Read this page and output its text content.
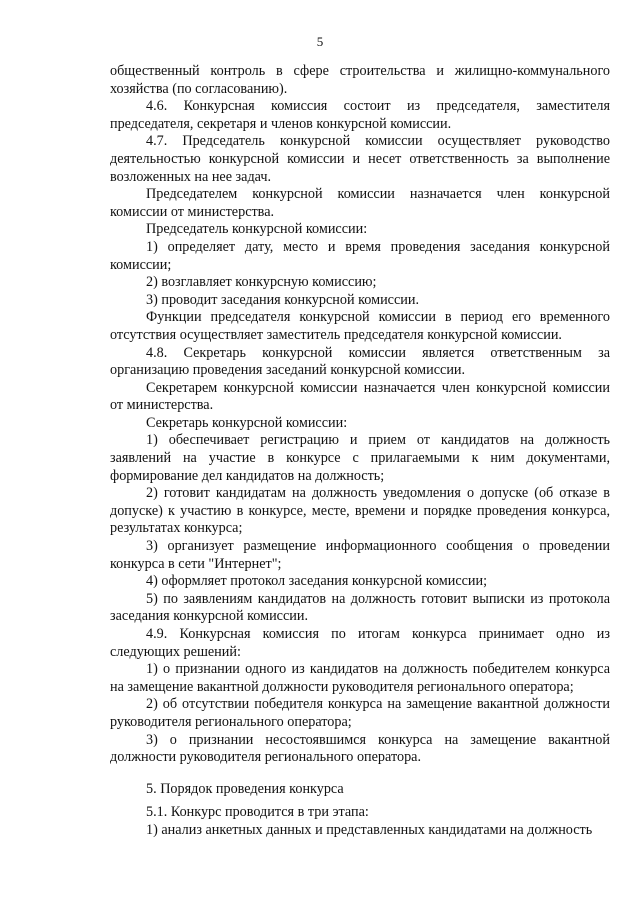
5

общественный контроль в сфере строительства и жилищно-коммунального хозяйства (по согласованию).

4.6. Конкурсная комиссия состоит из председателя, заместителя председателя, секретаря и членов конкурсной комиссии.

4.7. Председатель конкурсной комиссии осуществляет руководство деятельностью конкурсной комиссии и несет ответственность за выполнение возложенных на нее задач.

Председателем конкурсной комиссии назначается член конкурсной комиссии от министерства.

Председатель конкурсной комиссии:

1) определяет дату, место и время проведения заседания конкурсной комиссии;

2) возглавляет конкурсную комиссию;

3) проводит заседания конкурсной комиссии.

Функции председателя конкурсной комиссии в период его временного отсутствия осуществляет заместитель председателя конкурсной комиссии.

4.8. Секретарь конкурсной комиссии является ответственным за организацию проведения заседаний конкурсной комиссии.

Секретарем конкурсной комиссии назначается член конкурсной комиссии от министерства.

Секретарь конкурсной комиссии:

1) обеспечивает регистрацию и прием от кандидатов на должность заявлений на участие в конкурсе с прилагаемыми к ним документами, формирование дел кандидатов на должность;

2) готовит кандидатам на должность уведомления о допуске (об отказе в допуске) к участию в конкурсе, месте, времени и порядке проведения конкурса, результатах конкурса;

3) организует размещение информационного сообщения о проведении конкурса в сети "Интернет";

4) оформляет протокол заседания конкурсной комиссии;

5) по заявлениям кандидатов на должность готовит выписки из протокола заседания конкурсной комиссии.

4.9. Конкурсная комиссия по итогам конкурса принимает одно из следующих решений:

1) о признании одного из кандидатов на должность победителем конкурса на замещение вакантной должности руководителя регионального оператора;

2) об отсутствии победителя конкурса на замещение вакантной должности руководителя регионального оператора;

3) о признании несостоявшимся конкурса на замещение вакантной должности руководителя регионального оператора.

5. Порядок проведения конкурса

5.1. Конкурс проводится в три этапа:

1) анализ анкетных данных и представленных кандидатами на должность
